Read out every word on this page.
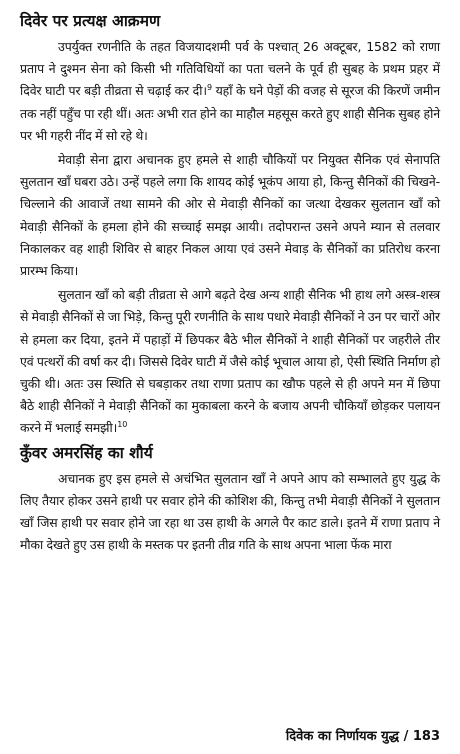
दिवेर पर प्रत्यक्ष आक्रमण

उपर्युक्त रणनीति के तहत विजयादशमी पर्व के पश्चात् 26 अक्टूबर, 1582 को राणा प्रताप ने दुश्मन सेना को किसी भी गतिविधियों का पता चलने के पूर्व ही सुबह के प्रथम प्रहर में दिवेर घाटी पर बड़ी तीव्रता से चढ़ाई कर दी।$^9$ यहाँ के घने पेड़ों की वजह से सूरज की किरणें जमीन तक नहीं पहुँच पा रही थीं। अतः अभी रात होने का माहौल महसूस करते हुए शाही सैनिक सुबह होने पर भी गहरी नींद में सो रहे थे।

मेवाड़ी सेना द्वारा अचानक हुए हमले से शाही चौकियों पर नियुक्त सैनिक एवं सेनापति सुलतान खाँ घबरा उठे। उन्हें पहले लगा कि शायद कोई भूकंप आया हो, किन्तु सैनिकों की चिखने-चिल्लाने की आवाजें तथा सामने की ओर से मेवाड़ी सैनिकों का जत्था देखकर सुलतान खाँ को मेवाड़ी सैनिकों के हमला होने की सच्चाई समझ आयी। तदोपरान्त उसने अपने म्यान से तलवार निकालकर वह शाही शिविर से बाहर निकल आया एवं उसने मेवाड़ के सैनिकों का प्रतिरोध करना प्रारम्भ किया।

सुलतान खाँ को बड़ी तीव्रता से आगे बढ़ते देख अन्य शाही सैनिक भी हाथ लगे अस्त्र-शस्त्र से मेवाड़ी सैनिकों से जा भिड़े, किन्तु पूरी रणनीति के साथ पधारे मेवाड़ी सैनिकों ने उन पर चारों ओर से हमला कर दिया, इतने में पहाड़ों में छिपकर बैठे भील सैनिकों ने शाही सैनिकों पर जहरीले तीर एवं पत्थरों की वर्षा कर दी। जिससे दिवेर घाटी में जैसे कोई भूचाल आया हो, ऐसी स्थिति निर्माण हो चुकी थी। अतः उस स्थिति से घबड़ाकर तथा राणा प्रताप का खौफ पहले से ही अपने मन में छिपा बैठे शाही सैनिकों ने मेवाड़ी सैनिकों का मुकाबला करने के बजाय अपनी चौकियाँ छोड़कर पलायन करने में भलाई समझी।$^{10}$

कुँवर अमरसिंह का शौर्य

अचानक हुए इस हमले से अचंभित सुलतान खाँ ने अपने आप को सम्भालते हुए युद्ध के लिए तैयार होकर उसने हाथी पर सवार होने की कोशिश की, किन्तु तभी मेवाड़ी सैनिकों ने सुलतान खाँ जिस हाथी पर सवार होने जा रहा था उस हाथी के अगले पैर काट डाले। इतने में राणा प्रताप ने मौका देखते हुए उस हाथी के मस्तक पर इतनी तीव्र गति के साथ अपना भाला फेंक मारा

दिवेक का निर्णायक युद्ध / 183
